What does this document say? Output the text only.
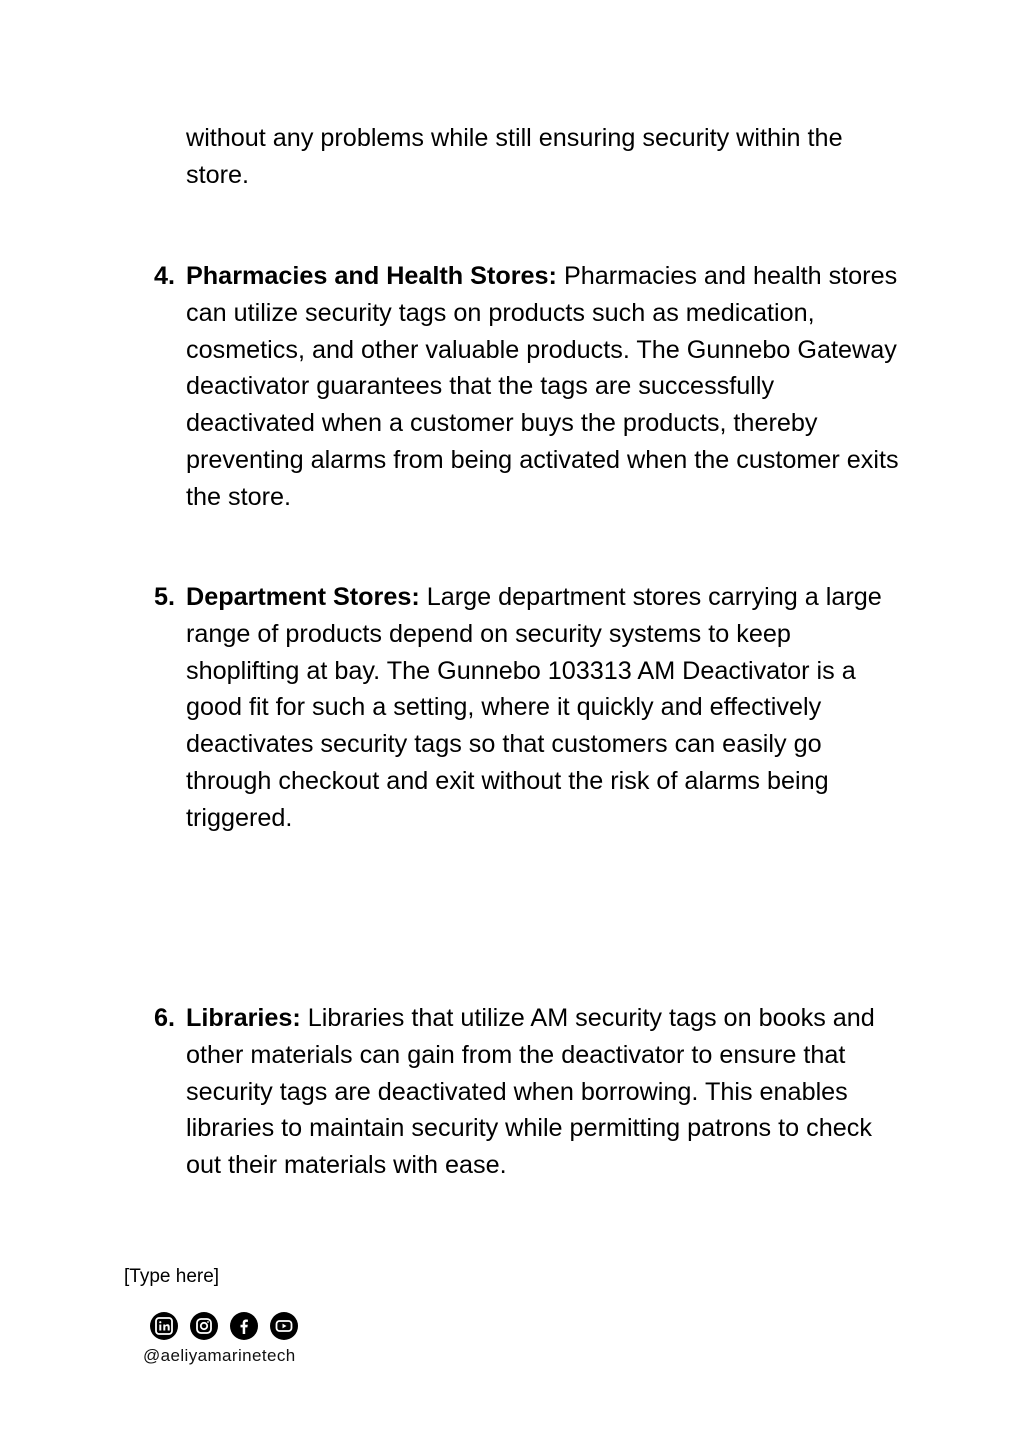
without any problems while still ensuring security within the store.

4. Pharmacies and Health Stores: Pharmacies and health stores can utilize security tags on products such as medication, cosmetics, and other valuable products. The Gunnebo Gateway deactivator guarantees that the tags are successfully deactivated when a customer buys the products, thereby preventing alarms from being activated when the customer exits the store.
5. Department Stores: Large department stores carrying a large range of products depend on security systems to keep shoplifting at bay. The Gunnebo 103313 AM Deactivator is a good fit for such a setting, where it quickly and effectively deactivates security tags so that customers can easily go through checkout and exit without the risk of alarms being triggered.
6. Libraries: Libraries that utilize AM security tags on books and other materials can gain from the deactivator to ensure that security tags are deactivated when borrowing. This enables libraries to maintain security while permitting patrons to check out their materials with ease.
[Type here]
@aeliyamarinetech
